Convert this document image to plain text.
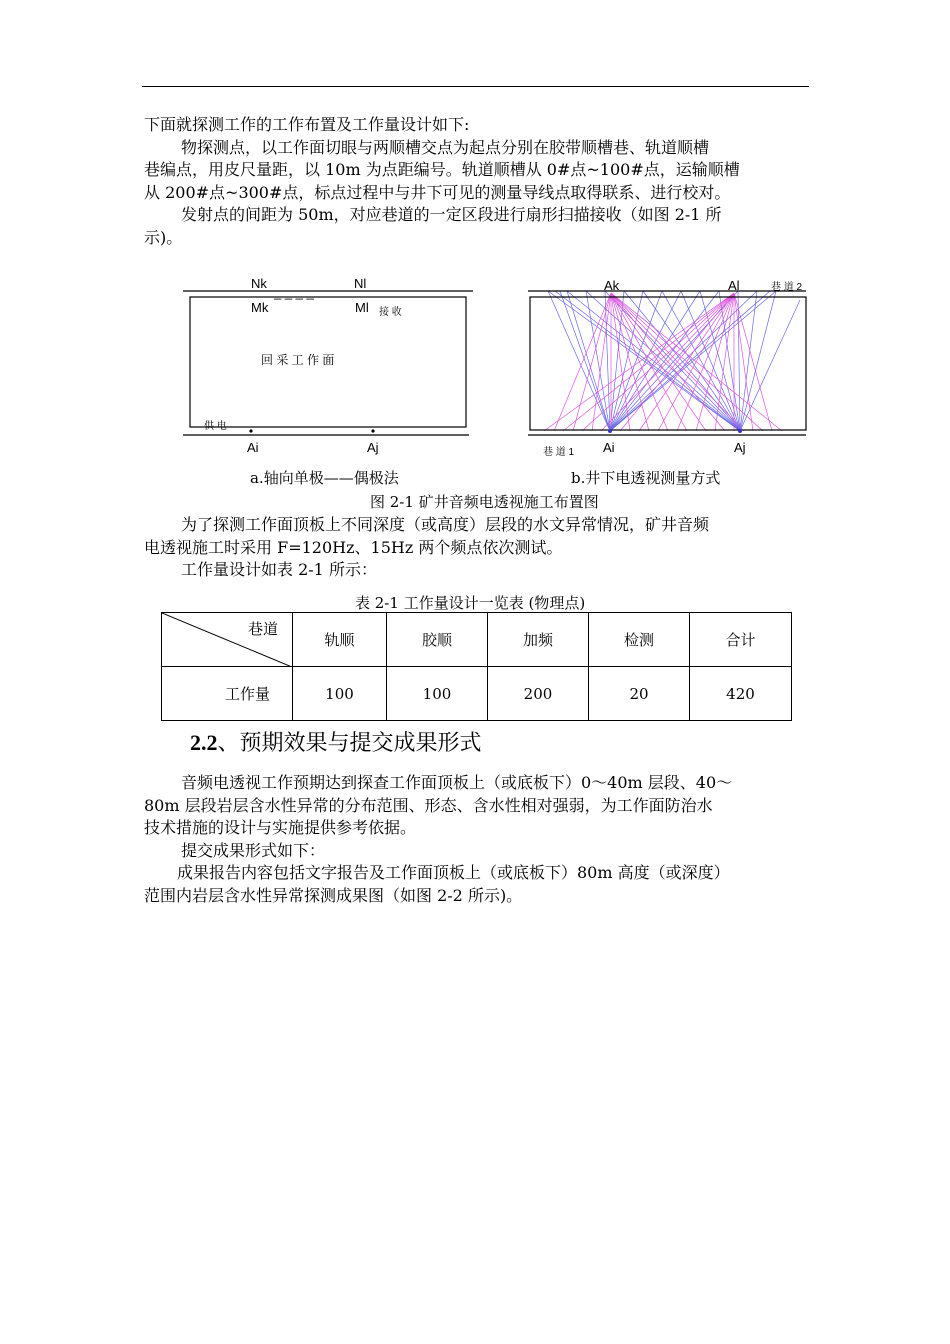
下面就探测工作的工作布置及工作量设计如下:

物探测点，以工作面切眼与两顺槽交点为起点分别在胶带顺槽巷、轨道顺槽

巷编点，用皮尺量距，以 10m 为点距编号。轨道顺槽从 0#点~100#点，运输顺槽

从 200#点~300#点，标点过程中与井下可见的测量导线点取得联系、进行校对。

发射点的间距为 50m，对应巷道的一定区段进行扇形扫描接收（如图 2-1 所

示)。

Nk
_ _ _ _
Nl
Mk	Ml 接 收
回 采 工 作 面
供 电
Ai	Aj
Ak	Al	巷 道 2
巷 道 1 Ai	Aj
a.轴向单极——偶极法	b.井下电透视测量方式
图 2-1 矿井音频电透视施工布置图

为了探测工作面顶板上不同深度（或高度）层段的水文异常情况，矿井音频

电透视施工时采用 F=120Hz、15Hz 两个频点依次测试。

工作量设计如表 2-1 所示：

表 2-1 工作量设计一览表 (物理点)
巷道	轨顺	胶顺	加频	检测	合计
工作量	100	100	200	20	420
2.2、预期效果与提交成果形式

音频电透视工作预期达到探查工作面顶板上（或底板下）0～40m 层段、40～

80m 层段岩层含水性异常的分布范围、形态、含水性相对强弱，为工作面防治水

技术措施的设计与实施提供参考依据。

提交成果形式如下：

成果报告内容包括文字报告及工作面顶板上（或底板下）80m 高度（或深度）

范围内岩层含水性异常探测成果图（如图 2-2 所示)。
